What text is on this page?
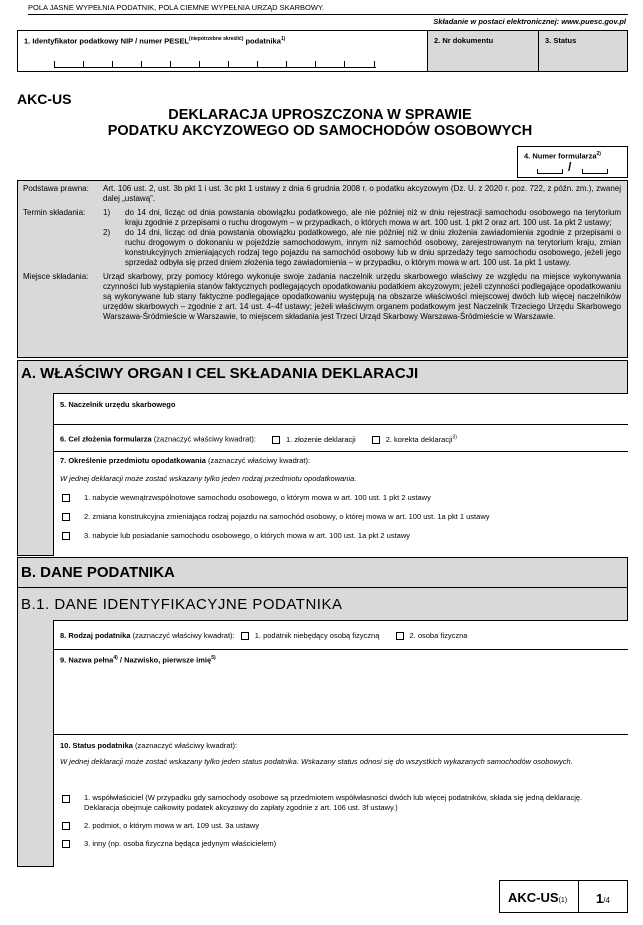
POLA JASNE WYPEŁNIA PODATNIK, POLA CIEMNE WYPEŁNIA URZĄD SKARBOWY.
Składanie w postaci elektronicznej: www.puesc.gov.pl
1. Identyfikator podatkowy NIP / numer $PESEL^{(niepotrzebne skreślić)}$ podatnika$^{1)}$	2. Nr dokumentu	3. Status
AKC-US
DEKLARACJA UPROSZCZONA W SPRAWIE
PODATKU AKCYZOWEGO OD SAMOCHODÓW OSOBOWYCH
4. Numer formularza$^{2)}$
/
Podstawa prawna:	Art. 106 ust. 2, ust. 3b pkt 1 i ust. 3c pkt 1 ustawy z dnia 6 grudnia 2008 r. o podatku akcyzowym (Dz. U. z 2020 r. poz. 722, z późn. zm.), zwanej dalej „ustawą”.
Termin składania:	1)	do 14 dni, licząc od dnia powstania obowiązku podatkowego, ale nie później niż w dniu rejestracji samochodu osobowego na terytorium kraju zgodnie z przepisami o ruchu drogowym – w przypadkach, o których mowa w art. 100 ust. 1 pkt 2 oraz art. 100 ust. 1a pkt 2 ustawy;
2)	do 14 dni, licząc od dnia powstania obowiązku podatkowego, ale nie później niż w dniu złożenia zawiadomienia zgodnie z przepisami o ruchu drogowym o dokonaniu w pojeździe samochodowym, innym niż samochód osobowy, zarejestrowanym na terytorium kraju, zmian konstrukcyjnych zmieniających rodzaj tego pojazdu na samochód osobowy lub w dniu sprzedaży tego samochodu osobowego, jeżeli jego sprzedaż odbyła się przed dniem złożenia tego zawiadomienia – w przypadku, o którym mowa w art. 100 ust. 1a pkt 1 ustawy.
Miejsce składania:	Urząd skarbowy, przy pomocy którego wykonuje swoje zadania naczelnik urzędu skarbowego właściwy ze względu na miejsce wykonywania czynności lub wystąpienia stanów faktycznych podlegających opodatkowaniu podatkiem akcyzowym; jeżeli czynności podlegające opodatkowaniu są wykonywane lub stany faktyczne podlegające opodatkowaniu występują na obszarze właściwości miejscowej dwóch lub więcej naczelników urzędów skarbowych – zgodnie z art. 14 ust. 4–4f ustawy; jeżeli właściwym organem podatkowym jest Naczelnik Trzeciego Urzędu Skarbowego Warszawa-Śródmieście w Warszawie, to miejscem składania jest Trzeci Urząd Skarbowy Warszawa-Śródmieście w Warszawie.
A. WŁAŚCIWY ORGAN I CEL SKŁADANIA DEKLARACJI
5. Naczelnik urzędu skarbowego
6. Cel złożenia formularza (zaznaczyć właściwy kwadrat):	1. złożenie deklaracji	2. korekta deklaracji$^{3)}$
7. Określenie przedmiotu opodatkowania (zaznaczyć właściwy kwadrat):
W jednej deklaracji może zostać wskazany tylko jeden rodzaj przedmiotu opodatkowania.
1. nabycie wewnątrzwspólnotowe samochodu osobowego, o którym mowa w art. 100 ust. 1 pkt 2 ustawy
2. zmiana konstrukcyjna zmieniająca rodzaj pojazdu na samochód osobowy, o której mowa w art. 100 ust. 1a pkt 1 ustawy
3. nabycie lub posiadanie samochodu osobowego, o których mowa w art. 100 ust. 1a pkt 2 ustawy
B. DANE PODATNIKA
B.1. DANE IDENTYFIKACYJNE PODATNIKA
8. Rodzaj podatnika (zaznaczyć właściwy kwadrat):	1. podatnik niebędący osobą fizyczną	2. osoba fizyczna
9. Nazwa pełna$^{4)}$ / Nazwisko, pierwsze imię$^{5)}$
10. Status podatnika (zaznaczyć właściwy kwadrat):
W jednej deklaracji może zostać wskazany tylko jeden status podatnika. Wskazany status odnosi się do wszystkich wykazanych samochodów osobowych.
1. współwłaściciel (W przypadku gdy samochody osobowe są przedmiotem współwłasności dwóch lub więcej podatników, składa się jedną deklarację. Deklaracja obejmuje całkowity podatek akcyzowy do zapłaty zgodnie z art. 106 ust. 3f ustawy.)
2. podmiot, o którym mowa w art. 109 ust. 3a ustawy
3. inny (np. osoba fizyczna będąca jedynym właścicielem)
AKC-US(1) 1/4
